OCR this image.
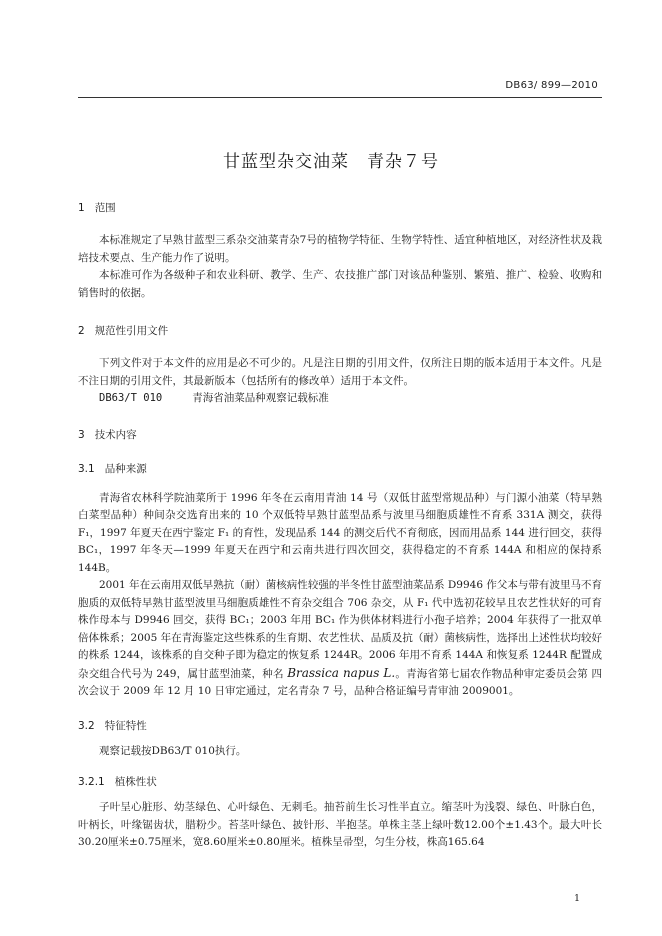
DB63/ 899—2010
甘蓝型杂交油菜 青杂７号

1 范围

本标准规定了早熟甘蓝型三系杂交油菜青杂7号的植物学特征、生物学特性、适宜种植地区，对经济性状及栽培技术要点、生产能力作了说明。

本标准可作为各级种子和农业科研、教学、生产、农技推广部门对该品种鉴别、繁殖、推广、检验、收购和销售时的依据。

2 规范性引用文件

下列文件对于本文件的应用是必不可少的。凡是注日期的引用文件，仅所注日期的版本适用于本文件。凡是不注日期的引用文件，其最新版本（包括所有的修改单）适用于本文件。

DB63/T 010	青海省油菜品种观察记载标准

3 技术内容

3.1 品种来源

青海省农林科学院油菜所于 1996 年冬在云南用青油 14 号（双低甘蓝型常规品种）与门源小油菜（特早熟白菜型品种）种间杂交选育出来的 10 个双低特早熟甘蓝型品系与波里马细胞质雄性不育系 331A 测交，获得 F₁，1997 年夏天在西宁鉴定 F₁ 的育性，发现品系 144 的测交后代不育彻底，因而用品系 144 进行回交，获得 BC₁，1997 年冬天—1999 年夏天在西宁和云南共进行四次回交，获得稳定的不育系 144A 和相应的保持系 144B。

2001 年在云南用双低早熟抗（耐）菌核病性较强的半冬性甘蓝型油菜品系 D9946 作父本与带有波里马不育胞质的双低特早熟甘蓝型波里马细胞质雄性不育杂交组合 706 杂交，从 F₁ 代中选初花较早且农艺性状好的可育株作母本与 D9946 回交，获得 BC₁；2003 年用 BC₁ 作为供体材料进行小孢子培养；2004 年获得了一批双单倍体株系；2005 年在青海鉴定这些株系的生育期、农艺性状、品质及抗（耐）菌核病性，选择出上述性状均较好的株系 1244，该株系的自交种子即为稳定的恢复系 1244R。2006 年用不育系 144A 和恢复系 1244R 配置成杂交组合代号为 249，属甘蓝型油菜，种名 Brassica napus L.。青海省第七届农作物品种审定委员会第 四次会议于 2009 年 12 月 10 日审定通过，定名青杂 7 号，品种合格证编号青审油 2009001。

3.2 特征特性

观察记载按DB63/T 010执行。

3.2.1 植株性状

子叶呈心脏形、幼茎绿色、心叶绿色、无刺毛。抽苔前生长习性半直立。缩茎叶为浅裂、绿色、叶脉白色，叶柄长，叶缘锯齿状，腊粉少。苔茎叶绿色、披针形、半抱茎。单株主茎上绿叶数12.00个±1.43个。最大叶长30.20厘米±0.75厘米，宽8.60厘米±0.80厘米。植株呈帚型，匀生分枝，株高165.64

1
